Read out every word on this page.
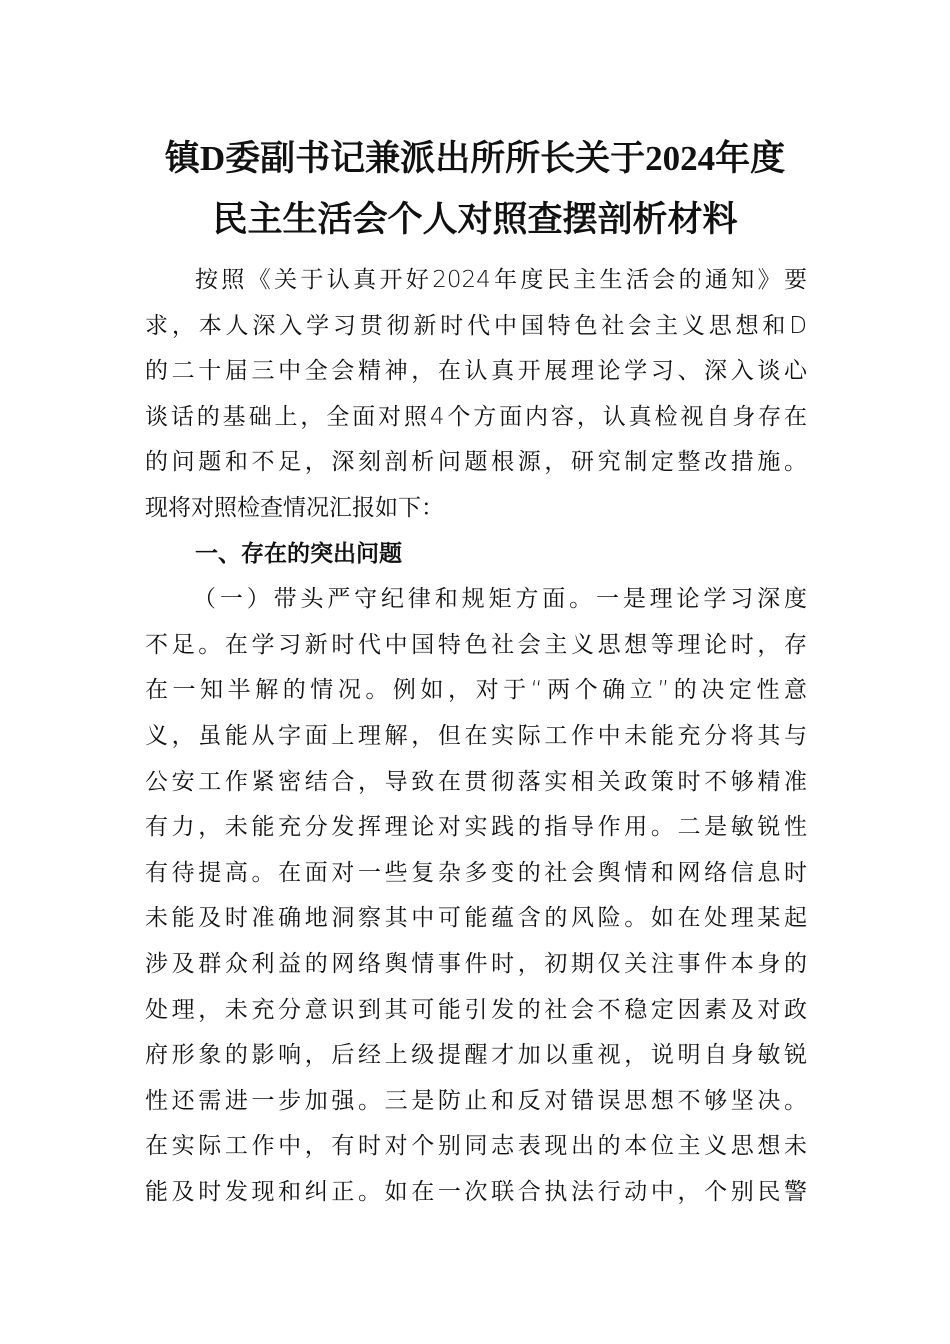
镇D委副书记兼派出所所长关于2024年度
民主生活会个人对照查摆剖析材料
按照《关于认真开好2024年度民主生活会的通知》要
求，本人深入学习贯彻新时代中国特色社会主义思想和D
的二十届三中全会精神，在认真开展理论学习、深入谈心
谈话的基础上，全面对照4个方面内容，认真检视自身存在
的问题和不足，深刻剖析问题根源，研究制定整改措施。
现将对照检查情况汇报如下：
一、存在的突出问题
（一）带头严守纪律和规矩方面。一是理论学习深度
不足。在学习新时代中国特色社会主义思想等理论时，存
在一知半解的情况。例如，对于“两个确立”的决定性意
义，虽能从字面上理解，但在实际工作中未能充分将其与
公安工作紧密结合，导致在贯彻落实相关政策时不够精准
有力，未能充分发挥理论对实践的指导作用。二是敏锐性
有待提高。在面对一些复杂多变的社会舆情和网络信息时
未能及时准确地洞察其中可能蕴含的风险。如在处理某起
涉及群众利益的网络舆情事件时，初期仅关注事件本身的
处理，未充分意识到其可能引发的社会不稳定因素及对政
府形象的影响，后经上级提醒才加以重视，说明自身敏锐
性还需进一步加强。三是防止和反对错误思想不够坚决。
在实际工作中，有时对个别同志表现出的本位主义思想未
能及时发现和纠正。如在一次联合执法行动中，个别民警
